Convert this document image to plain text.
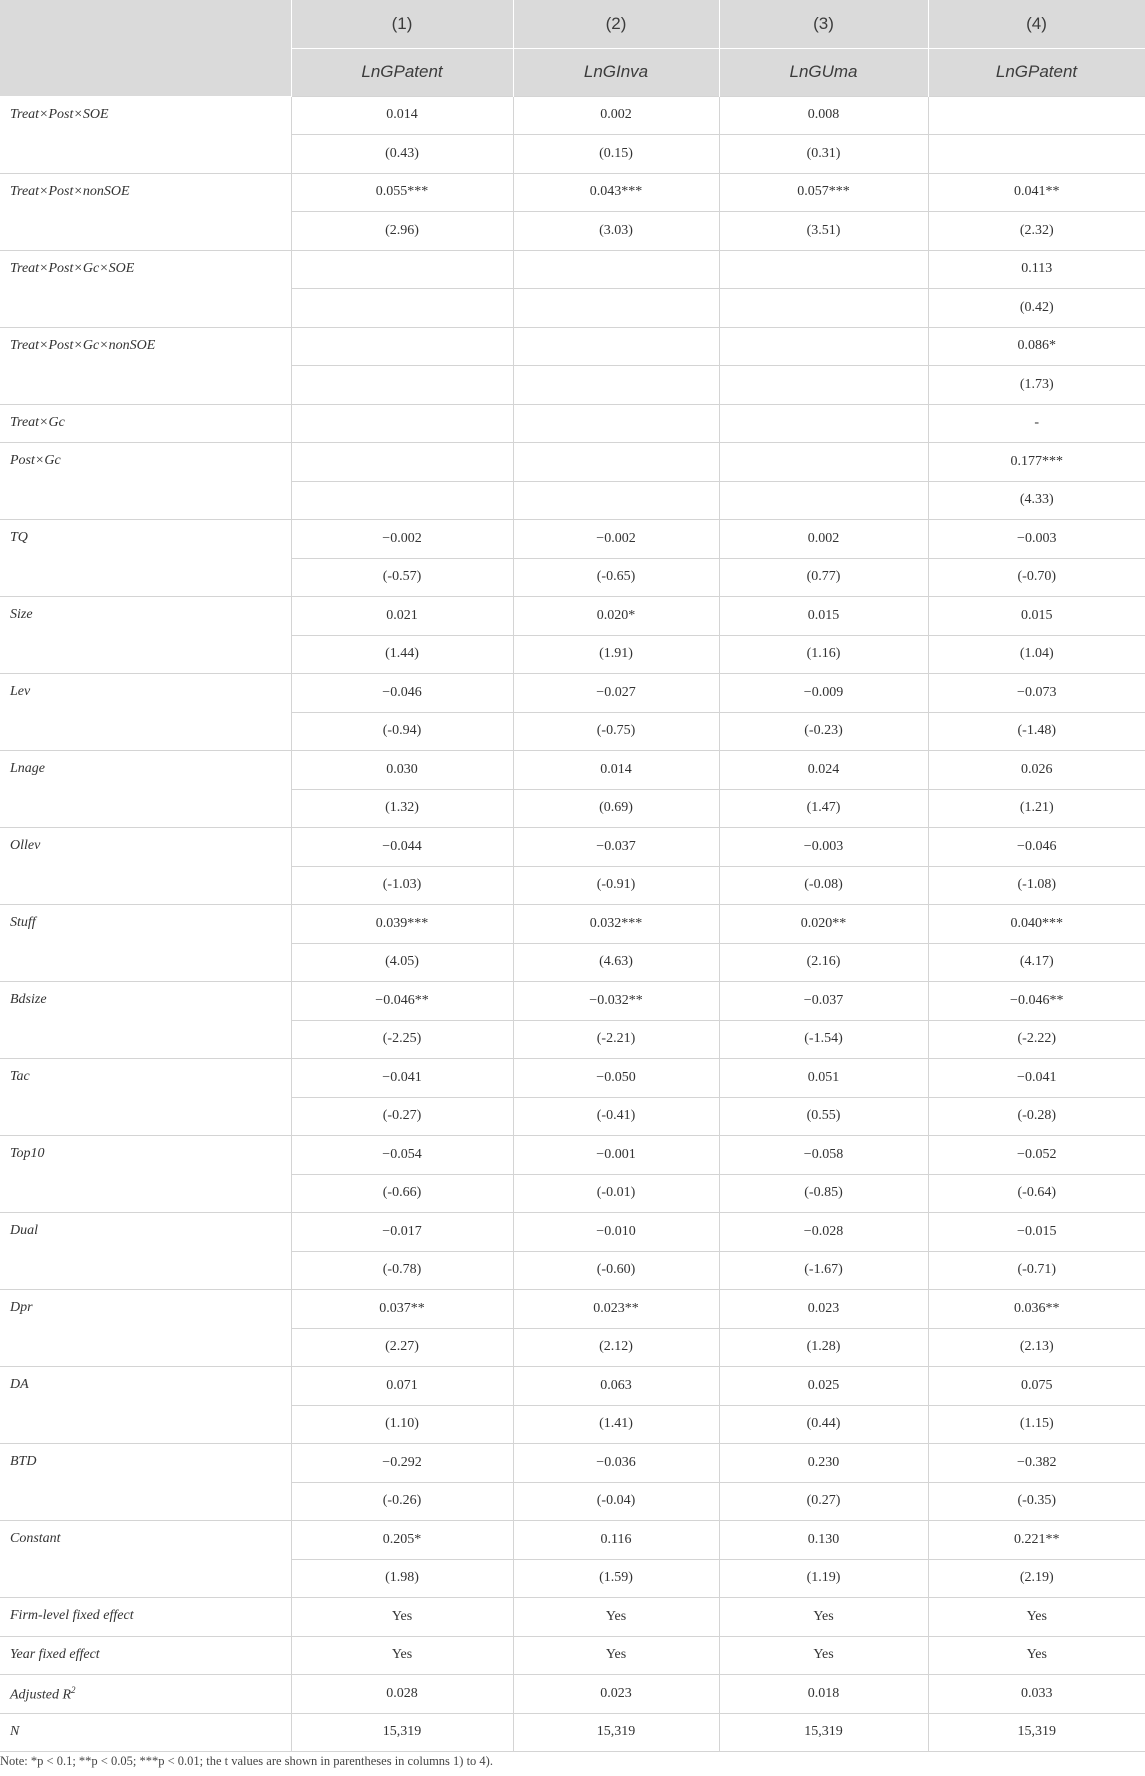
	(1)	(2)	(3)	(4)
	LnGPatent	LnGInva	LnGUma	LnGPatent
Treat×Post×SOE	0.014	0.002	0.008	
	(0.43)	(0.15)	(0.31)	
Treat×Post×nonSOE	0.055***	0.043***	0.057***	0.041**
	(2.96)	(3.03)	(3.51)	(2.32)
Treat×Post×Gc×SOE				0.113
				(0.42)
Treat×Post×Gc×nonSOE				0.086*
				(1.73)
Treat×Gc				-
Post×Gc				0.177***
				(4.33)
TQ	−0.002	−0.002	0.002	−0.003
	(-0.57)	(-0.65)	(0.77)	(-0.70)
Size	0.021	0.020*	0.015	0.015
	(1.44)	(1.91)	(1.16)	(1.04)
Lev	−0.046	−0.027	−0.009	−0.073
	(-0.94)	(-0.75)	(-0.23)	(-1.48)
Lnage	0.030	0.014	0.024	0.026
	(1.32)	(0.69)	(1.47)	(1.21)
Ollev	−0.044	−0.037	−0.003	−0.046
	(-1.03)	(-0.91)	(-0.08)	(-1.08)
Stuff	0.039***	0.032***	0.020**	0.040***
	(4.05)	(4.63)	(2.16)	(4.17)
Bdsize	−0.046**	−0.032**	−0.037	−0.046**
	(-2.25)	(-2.21)	(-1.54)	(-2.22)
Tac	−0.041	−0.050	0.051	−0.041
	(-0.27)	(-0.41)	(0.55)	(-0.28)
Top10	−0.054	−0.001	−0.058	−0.052
	(-0.66)	(-0.01)	(-0.85)	(-0.64)
Dual	−0.017	−0.010	−0.028	−0.015
	(-0.78)	(-0.60)	(-1.67)	(-0.71)
Dpr	0.037**	0.023**	0.023	0.036**
	(2.27)	(2.12)	(1.28)	(2.13)
DA	0.071	0.063	0.025	0.075
	(1.10)	(1.41)	(0.44)	(1.15)
BTD	−0.292	−0.036	0.230	−0.382
	(-0.26)	(-0.04)	(0.27)	(-0.35)
Constant	0.205*	0.116	0.130	0.221**
	(1.98)	(1.59)	(1.19)	(2.19)
Firm-level fixed effect	Yes	Yes	Yes	Yes
Year fixed effect	Yes	Yes	Yes	Yes
Adjusted $R^2$	0.028	0.023	0.018	0.033
N	15,319	15,319	15,319	15,319
Note: *p < 0.1; **p < 0.05; ***p < 0.01; the t values are shown in parentheses in columns 1) to 4).
